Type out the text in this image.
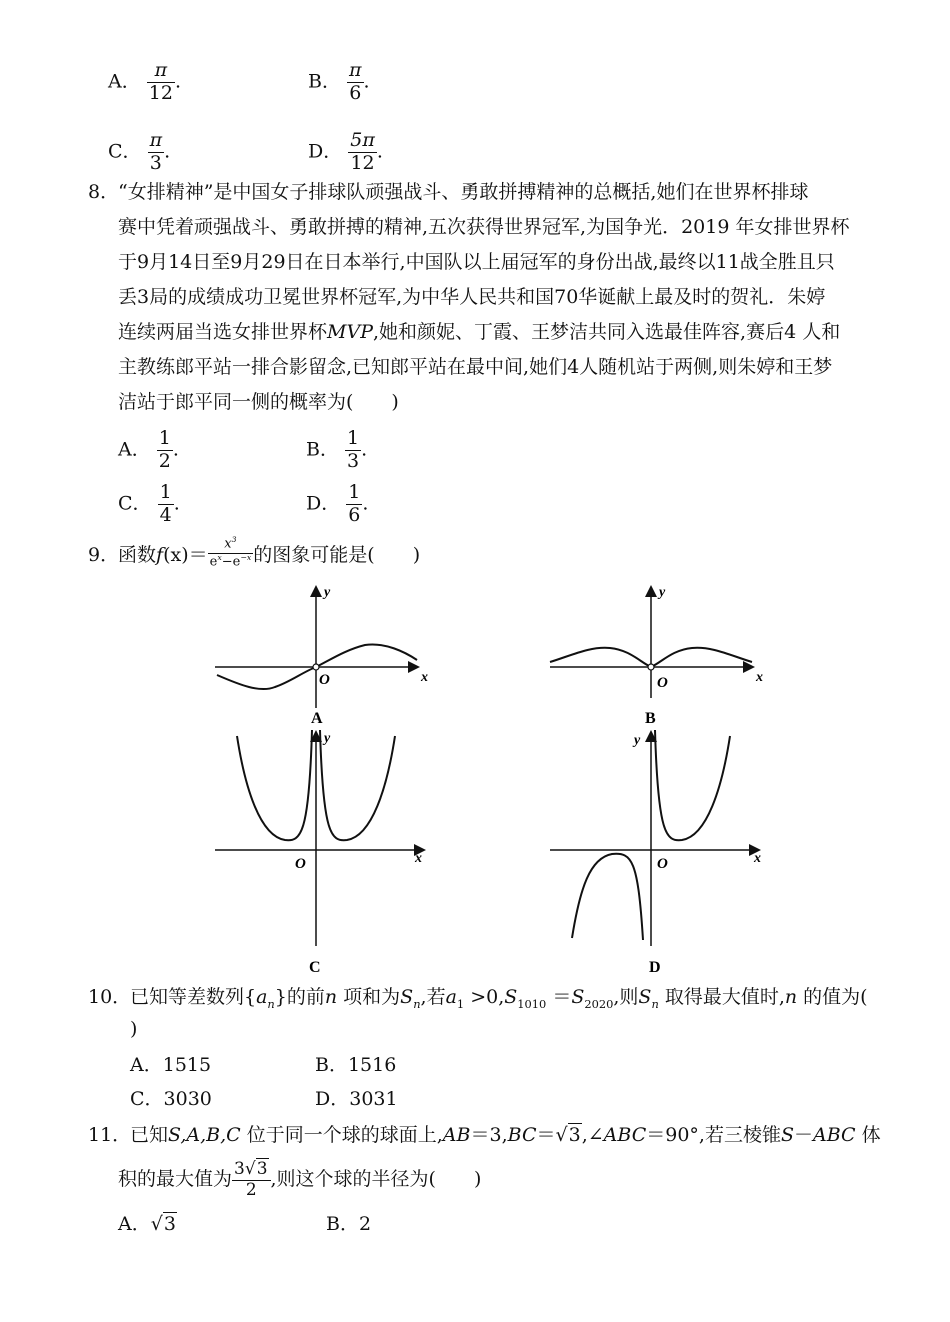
A． $\frac{\pi}{12}$ .	B． $\frac{\pi}{6}$ .
C． $\frac{\pi}{3}$ .	D． $\frac{5\pi}{12}$ .
8．
“女排精神”是中国女子排球队顽强战斗、勇敢拼搏精神的总概括,她们在世界杯排球
赛中凭着顽强战斗、勇敢拼搏的精神,五次获得世界冠军,为国争光．2019 年女排世界杯
于9月14日至9月29日在日本举行,中国队以上届冠军的身份出战,最终以11战全胜且只
丢3局的成绩成功卫冕世界杯冠军,为中华人民共和国70华诞献上最及时的贺礼．朱婷
连续两届当选女排世界杯MVP,她和颜妮、丁霞、王梦洁共同入选最佳阵容,赛后4 人和
主教练郎平站一排合影留念,已知郎平站在最中间,她们4人随机站于两侧,则朱婷和王梦
洁站于郎平同一侧的概率为(　　)
A． $\frac{1}{2}$ .	B． $\frac{1}{3}$ .
C． $\frac{1}{4}$ .	D． $\frac{1}{6}$ .
9．
函数$f(x)= \frac{x^3}{e^x-e^{-x}}$ 的图象可能是(　　)
y
x
O
A
y
x
O
B
y
x
O
C
y
x
O
D
10．
已知等差数列$\{a_n\}$的前n 项和为$S_n$,若$a_1 >0,S_{1010} =S_{2020}$,则$S_n$ 取得最大值时,n 的值为(
)
A．1515	B．1516
C．3030	D．3031
11．
已知S,A,B,C 位于同一个球的球面上,AB＝3,BC＝√3,∠ABC＝90°,若三棱锥S－ABC 体
积的最大值为 $\frac{3√3}{2}$ ,则这个球的半径为(　　)
A．√3	B．2
